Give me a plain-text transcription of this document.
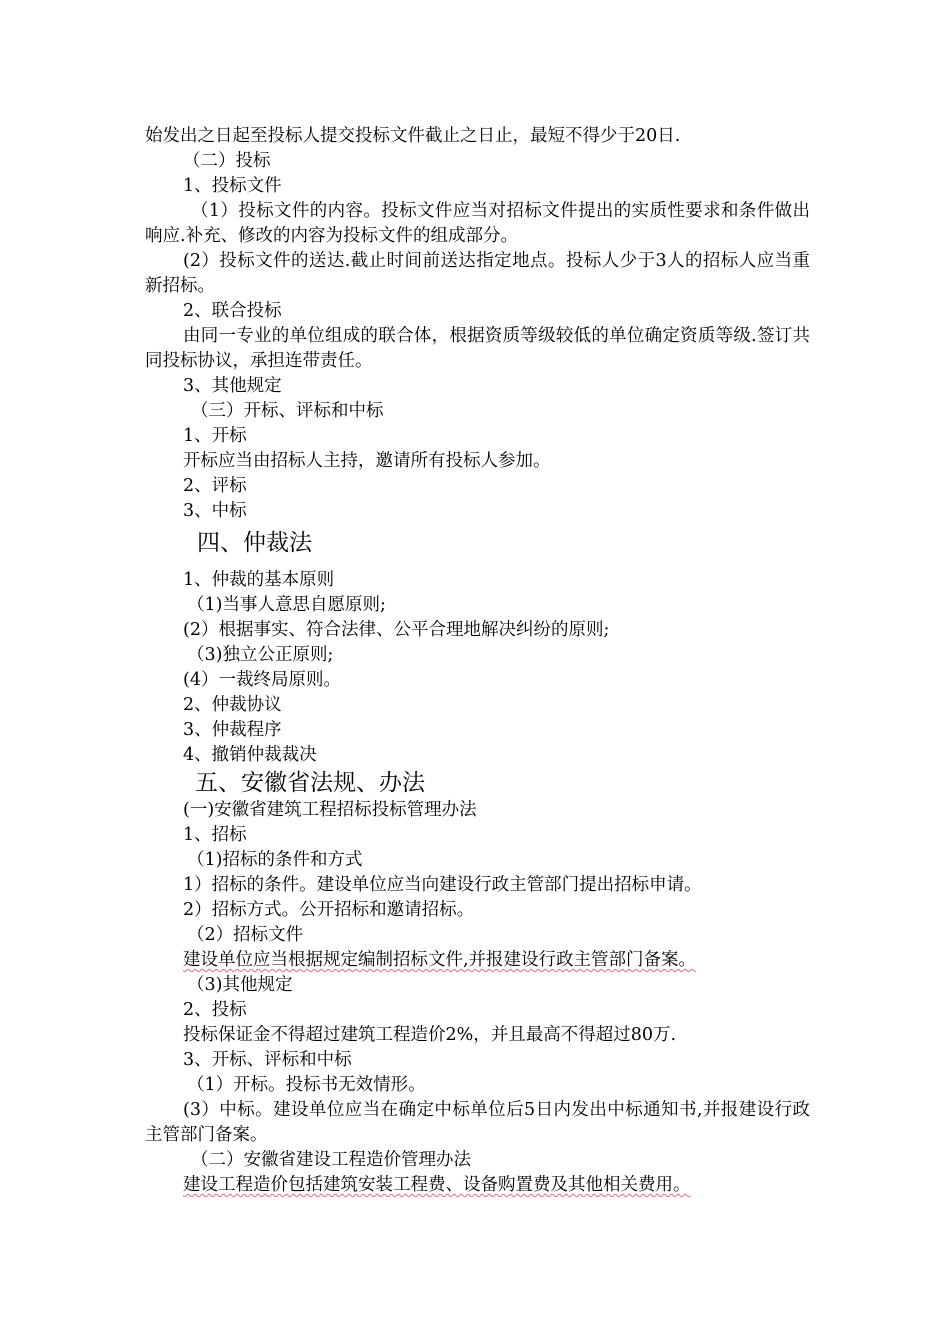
始发出之日起至投标人提交投标文件截止之日止，最短不得少于20日.
（二）投标
1、投标文件
（1）投标文件的内容。投标文件应当对招标文件提出的实质性要求和条件做出响应.补充、修改的内容为投标文件的组成部分。
(2）投标文件的送达.截止时间前送达指定地点。投标人少于3人的招标人应当重新招标。
2、联合投标
由同一专业的单位组成的联合体，根据资质等级较低的单位确定资质等级.签订共同投标协议，承担连带责任。
3、其他规定
（三）开标、评标和中标
1、开标
开标应当由招标人主持，邀请所有投标人参加。
2、评标
3、中标
四、仲裁法
1、仲裁的基本原则
（1)当事人意思自愿原则;
(2）根据事实、符合法律、公平合理地解决纠纷的原则;
（3)独立公正原则;
(4）一裁终局原则。
2、仲裁协议
3、仲裁程序
4、撤销仲裁裁决
五、安徽省法规、办法
(一)安徽省建筑工程招标投标管理办法
1、招标
（1)招标的条件和方式
1）招标的条件。建设单位应当向建设行政主管部门提出招标申请。
2）招标方式。公开招标和邀请招标。
（2）招标文件
建设单位应当根据规定编制招标文件,并报建设行政主管部门备案。
（3)其他规定
2、投标
投标保证金不得超过建筑工程造价2%，并且最高不得超过80万.
3、开标、评标和中标
（1）开标。投标书无效情形。
(3）中标。建设单位应当在确定中标单位后5日内发出中标通知书,并报建设行政主管部门备案。
（二）安徽省建设工程造价管理办法
建设工程造价包括建筑安装工程费、设备购置费及其他相关费用。
